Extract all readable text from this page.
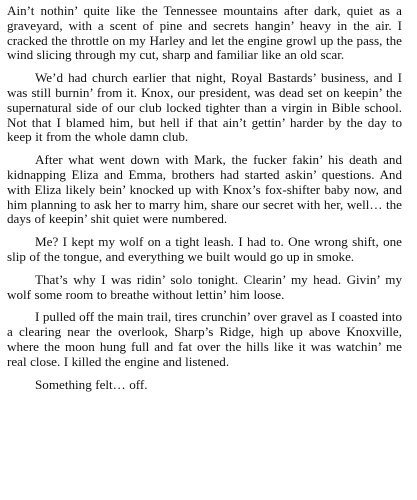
Ain’t nothin’ quite like the Tennessee mountains after dark, quiet as a graveyard, with a scent of pine and secrets hangin’ heavy in the air. I cracked the throttle on my Harley and let the engine growl up the pass, the wind slicing through my cut, sharp and familiar like an old scar.

We’d had church earlier that night, Royal Bastards’ business, and I was still burnin’ from it. Knox, our president, was dead set on keepin’ the supernatural side of our club locked tighter than a virgin in Bible school. Not that I blamed him, but hell if that ain’t gettin’ harder by the day to keep it from the whole damn club.

After what went down with Mark, the fucker fakin’ his death and kidnapping Eliza and Emma, brothers had started askin’ questions. And with Eliza likely bein’ knocked up with Knox’s fox-shifter baby now, and him planning to ask her to marry him, share our secret with her, well… the days of keepin’ shit quiet were numbered.

Me? I kept my wolf on a tight leash. I had to. One wrong shift, one slip of the tongue, and everything we built would go up in smoke.

That’s why I was ridin’ solo tonight. Clearin’ my head. Givin’ my wolf some room to breathe without lettin’ him loose.

I pulled off the main trail, tires crunchin’ over gravel as I coasted into a clearing near the overlook, Sharp’s Ridge, high up above Knoxville, where the moon hung full and fat over the hills like it was watchin’ me real close. I killed the engine and listened.

Something felt… off.
